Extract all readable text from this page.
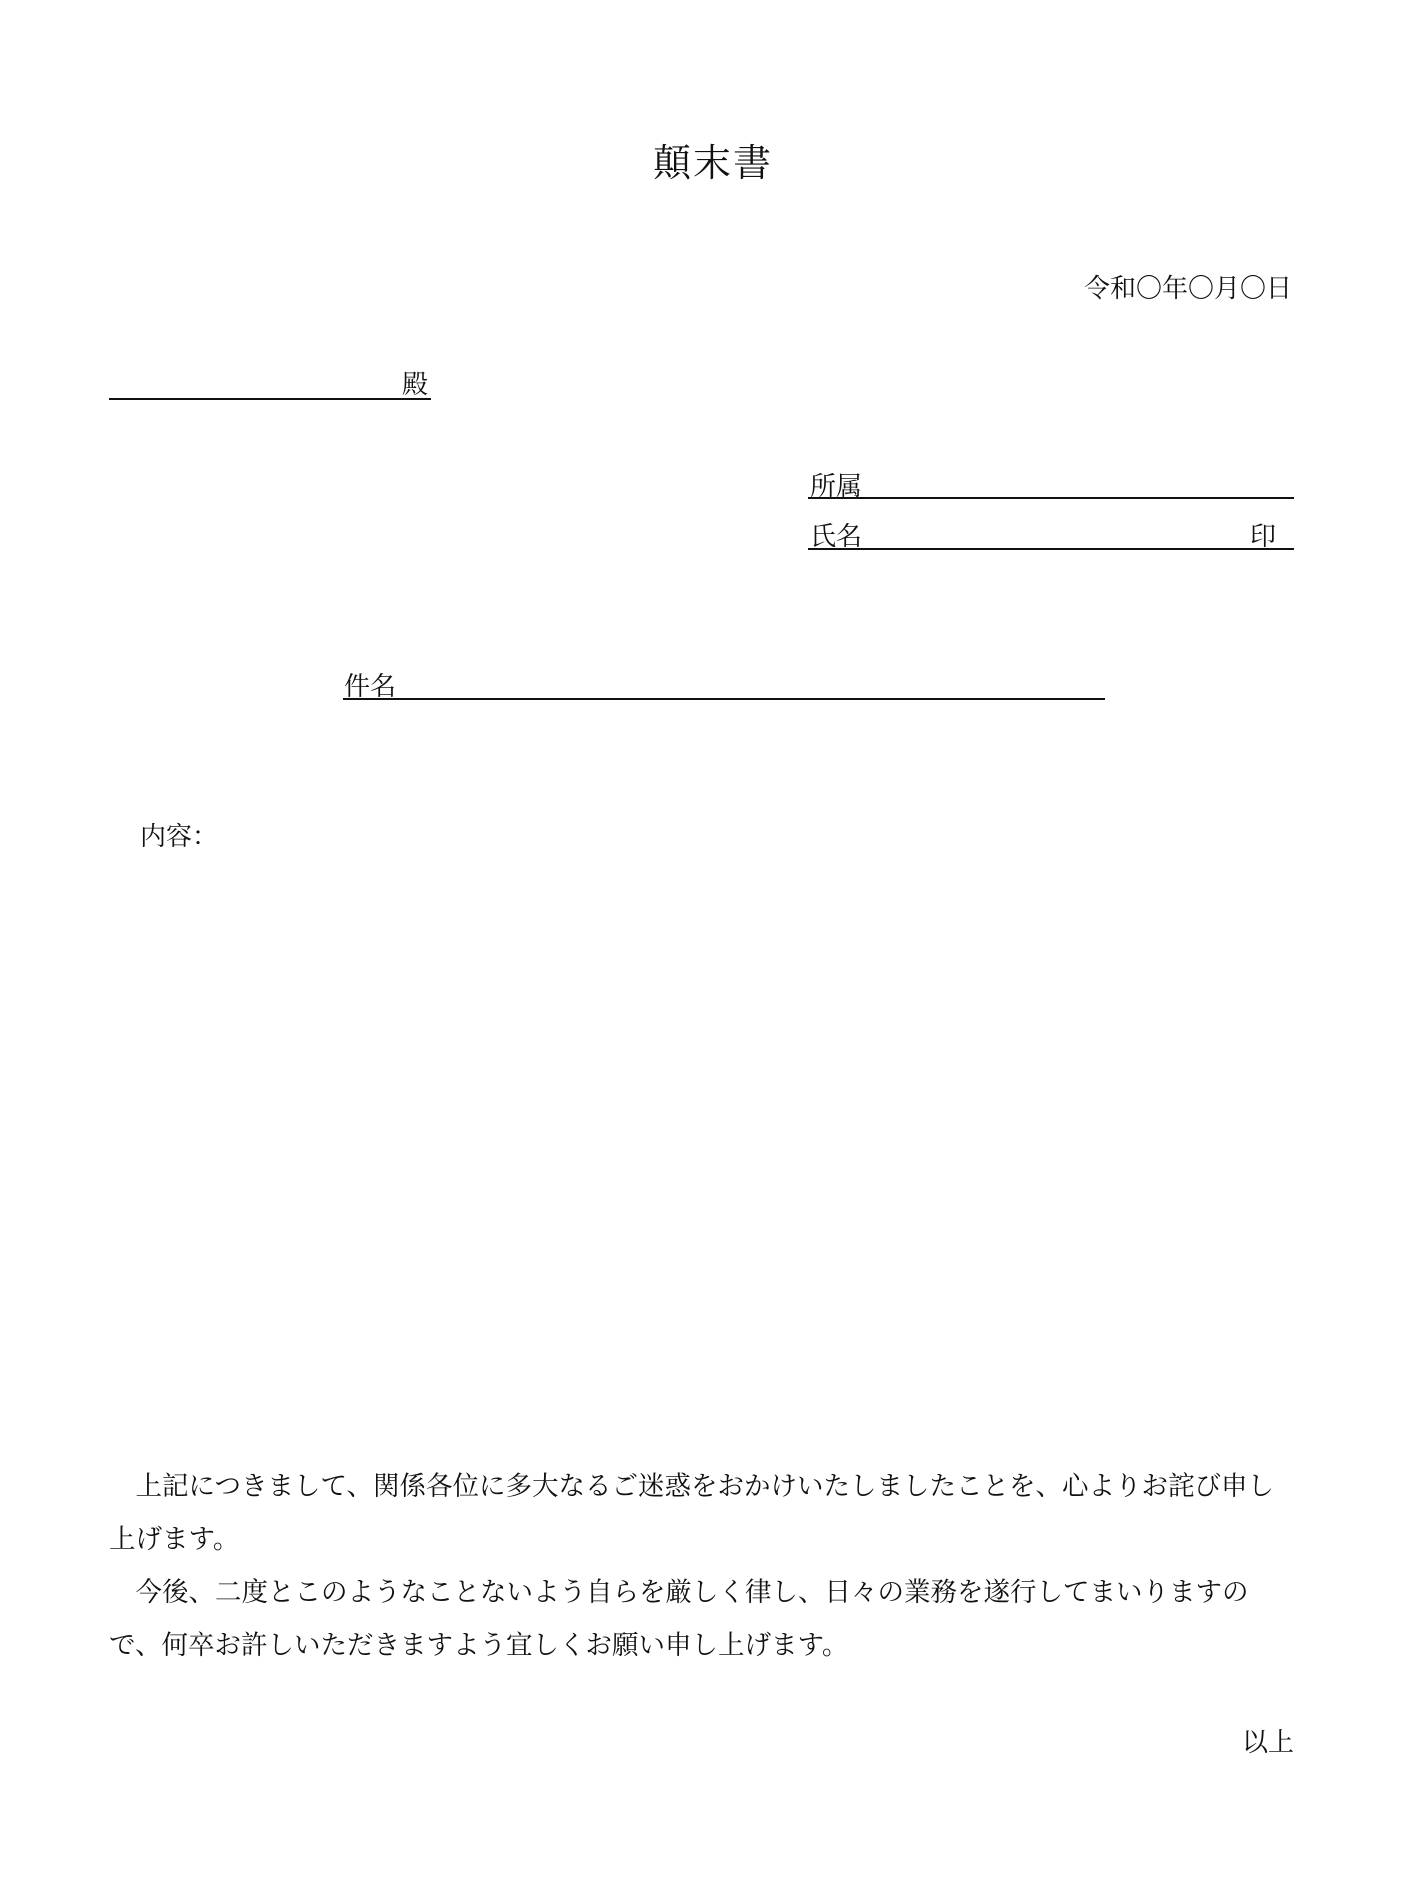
顛末書
令和〇年〇月〇日
殿
所属
氏名	印
件名
内容：

上記につきまして、関係各位に多大なるご迷惑をおかけいたしましたことを、心よりお詫び申し上げます。

今後、二度とこのようなことないよう自らを厳しく律し、日々の業務を遂行してまいりますので、何卒お許しいただきますよう宜しくお願い申し上げます。

以上
